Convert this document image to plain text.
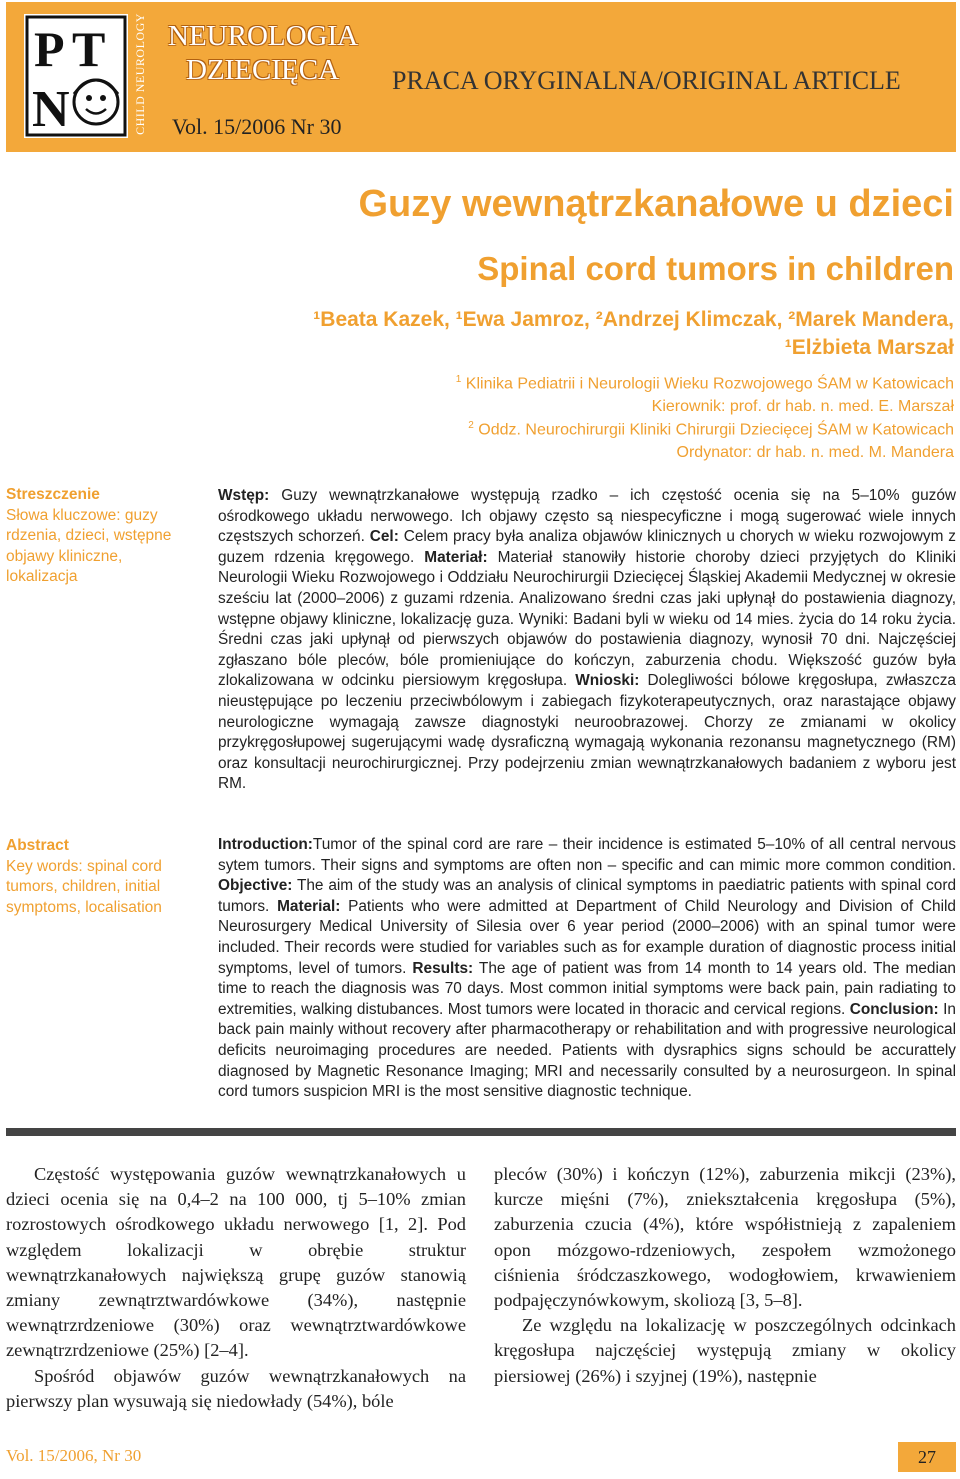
CHILD NEUROLOGY
P T
N
NEUROLOGIA
DZIECIĘCA
Vol. 15/2006 Nr 30
PRACA ORYGINALNA/ORIGINAL ARTICLE
Guzy wewnątrzkanałowe u dzieci
Spinal cord tumors in children
¹Beata Kazek, ¹Ewa Jamroz, ²Andrzej Klimczak, ²Marek Mandera,
¹Elżbieta Marszał
$^1$ Klinika Pediatrii i Neurologii Wieku Rozwojowego ŚAM w Katowicach
Kierownik: prof. dr hab. n. med. E. Marszał
$^2$ Oddz. Neurochirurgii Kliniki Chirurgii Dziecięcej ŚAM w Katowicach
Ordynator: dr hab. n. med. M. Mandera
Streszczenie
Słowa kluczowe: guzy rdzenia, dzieci, wstępne objawy kliniczne, lokalizacja
Abstract
Key words: spinal cord tumors, children, initial symptoms, localisation
Wstęp: Guzy wewnątrzkanałowe występują rzadko – ich częstość ocenia się na 5–10% guzów ośrodkowego układu nerwowego. Ich objawy często są niespecyficzne i mogą sugerować wiele innych częstszych schorzeń. Cel: Celem pracy była analiza objawów klinicznych u chorych w wieku rozwojowym z guzem rdzenia kręgowego. Materiał: Materiał stanowiły historie choroby dzieci przyjętych do Kliniki Neurologii Wieku Rozwojowego i Oddziału Neurochirurgii Dziecięcej Śląskiej Akademii Medycznej w okresie sześciu lat (2000–2006) z guzami rdzenia. Analizowano średni czas jaki upłynął do postawienia diagnozy, wstępne objawy kliniczne, lokalizację guza. Wyniki: Badani byli w wieku od 14 mies. życia do 14 roku życia. Średni czas jaki upłynął od pierwszych objawów do postawienia diagnozy, wynosił 70 dni. Najczęściej zgłaszano bóle pleców, bóle promieniujące do kończyn, zaburzenia chodu. Większość guzów była zlokalizowana w odcinku piersiowym kręgosłupa. Wnioski: Dolegliwości bólowe kręgosłupa, zwłaszcza nieustępujące po leczeniu przeciwbólowym i zabiegach fizykoterapeutycznych, oraz narastające objawy neurologiczne wymagają zawsze diagnostyki neuroobrazowej. Chorzy ze zmianami w okolicy przykręgosłupowej sugerującymi wadę dysraficzną wymagają wykonania rezonansu magnetycznego (RM) oraz konsultacji neurochirurgicznej. Przy podejrzeniu zmian wewnątrzkanałowych badaniem z wyboru jest RM.
Introduction:Tumor of the spinal cord are rare – their incidence is estimated 5–10% of all central nervous sytem tumors. Their signs and symptoms are often non – specific and can mimic more common condition. Objective: The aim of the study was an analysis of clinical symptoms in paediatric patients with spinal cord tumors. Material: Patients who were admitted at Department of Child Neurology and Division of Child Neurosurgery Medical University of Silesia over 6 year period (2000–2006) with an spinal tumor were included. Their records were studied for variables such as for example duration of diagnostic process initial symptoms, level of tumors. Results: The age of patient was from 14 month to 14 years old. The median time to reach the diagnosis was 70 days. Most common initial symptoms were back pain, pain radiating to extremities, walking distubances. Most tumors were located in thoracic and cervical regions. Conclusion: In back pain mainly without recovery after pharmacotherapy or rehabilitation and with progressive neurological deficits neuroimaging procedures are needed. Patients with dysraphics signs schould be accurattely diagnosed by Magnetic Resonance Imaging; MRI and necessarily consulted by a neurosurgeon. In spinal cord tumors suspicion MRI is the most sensitive diagnostic technique.

Częstość występowania guzów wewnątrzkanałowych u dzieci ocenia się na 0,4–2 na 100 000, tj 5–10% zmian rozrostowych ośrodkowego układu nerwowego [1, 2]. Pod względem lokalizacji w obrębie struktur wewnątrzkanałowych największą grupę guzów stanowią zmiany zewnątrztwardówkowe (34%), następnie wewnątrzrdzeniowe (30%) oraz wewnątrztwardówkowe zewnątrzrdzeniowe (25%) [2–4].

Spośród objawów guzów wewnątrzkanałowych na pierwszy plan wysuwają się niedowłady (54%), bóle

pleców (30%) i kończyn (12%), zaburzenia mikcji (23%), kurcze mięśni (7%), zniekształcenia kręgosłupa (5%), zaburzenia czucia (4%), które współistnieją z zapaleniem opon mózgowo-rdzeniowych, zespołem wzmożonego ciśnienia śródczaszkowego, wodogłowiem, krwawieniem podpajęczynówkowym, skoliozą [3, 5–8].

Ze względu na lokalizację w poszczególnych odcinkach kręgosłupa najczęściej występują zmiany w okolicy piersiowej (26%) i szyjnej (19%), następnie

Vol. 15/2006, Nr 30	27
